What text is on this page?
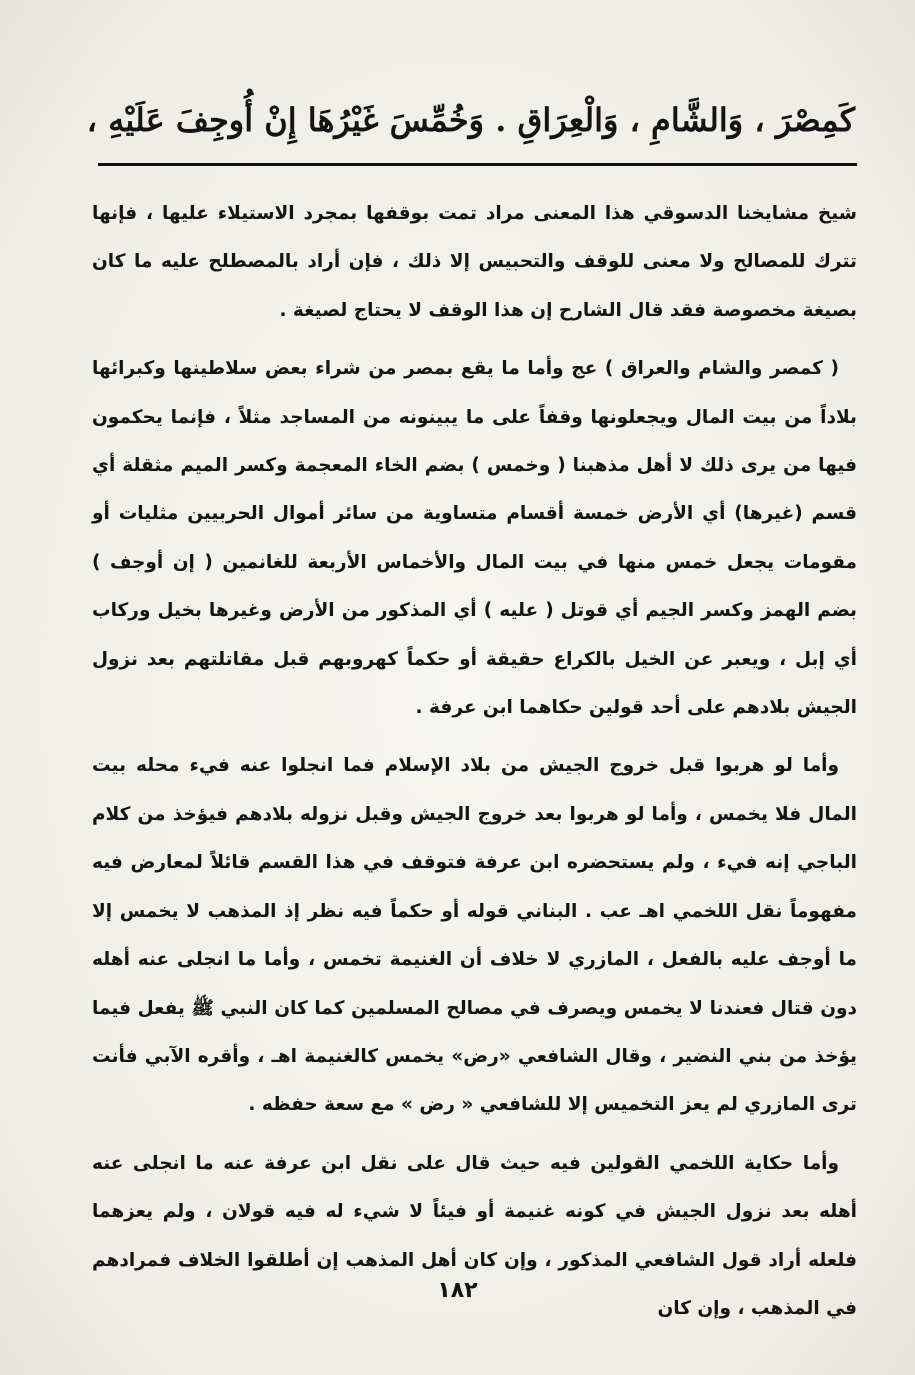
كَمِصْرَ ، وَالشَّامِ ، وَالْعِرَاقِ . وَخُمِّسَ غَيْرُهَا إِنْ أُوجِفَ عَلَيْهِ ،

شيخ مشايخنا الدسوقي هذا المعنى مراد تمت بوقفها بمجرد الاستيلاء عليها ، فإنها تترك للمصالح ولا معنى للوقف والتحبيس إلا ذلك ، فإن أراد بالمصطلح عليه ما كان بصيغة مخصوصة فقد قال الشارح إن هذا الوقف لا يحتاج لصيغة .

( كمصر والشام والعراق ) عج وأما ما يقع بمصر من شراء بعض سلاطينها وكبرائها بلاداً من بيت المال ويجعلونها وقفاً على ما يبينونه من المساجد مثلاً ، فإنما يحكمون فيها من يرى ذلك لا أهل مذهبنا ( وخمس ) بضم الخاء المعجمة وكسر الميم مثقلة أي قسم (غيرها) أي الأرض خمسة أقسام متساوية من سائر أموال الحربيين مثليات أو مقومات يجعل خمس منها في بيت المال والأخماس الأربعة للغانمين ( إن أوجف ) بضم الهمز وكسر الجيم أي قوتل ( عليه ) أي المذكور من الأرض وغيرها بخيل وركاب أي إبل ، ويعبر عن الخيل بالكراع حقيقة أو حكماً كهروبهم قبل مقاتلتهم بعد نزول الجيش بلادهم على أحد قولين حكاهما ابن عرفة .

وأما لو هربوا قبل خروج الجيش من بلاد الإسلام فما انجلوا عنه فيء محله بيت المال فلا يخمس ، وأما لو هربوا بعد خروج الجيش وقبل نزوله بلادهم فيؤخذ من كلام الباجي إنه فيء ، ولم يستحضره ابن عرفة فتوقف في هذا القسم قائلاً لمعارض فيه مفهوماً نقل اللخمي اهـ عب . البناني قوله أو حكماً فيه نظر إذ المذهب لا يخمس إلا ما أوجف عليه بالفعل ، المازري لا خلاف أن الغنيمة تخمس ، وأما ما انجلى عنه أهله دون قتال فعندنا لا يخمس ويصرف في مصالح المسلمين كما كان النبي ﷺ يفعل فيما يؤخذ من بني النضير ، وقال الشافعي «رض» يخمس كالغنيمة اهـ ، وأقره الآبي فأنت ترى المازري لم يعز التخميس إلا للشافعي « رض » مع سعة حفظه .

وأما حكاية اللخمي القولين فيه حيث قال على نقل ابن عرفة عنه ما انجلى عنه أهله بعد نزول الجيش في كونه غنيمة أو فيئاً لا شيء له فيه قولان ، ولم يعزهما فلعله أراد قول الشافعي المذكور ، وإن كان أهل المذهب إن أطلقوا الخلاف فمرادهم في المذهب ، وإن كان

١٨٢
